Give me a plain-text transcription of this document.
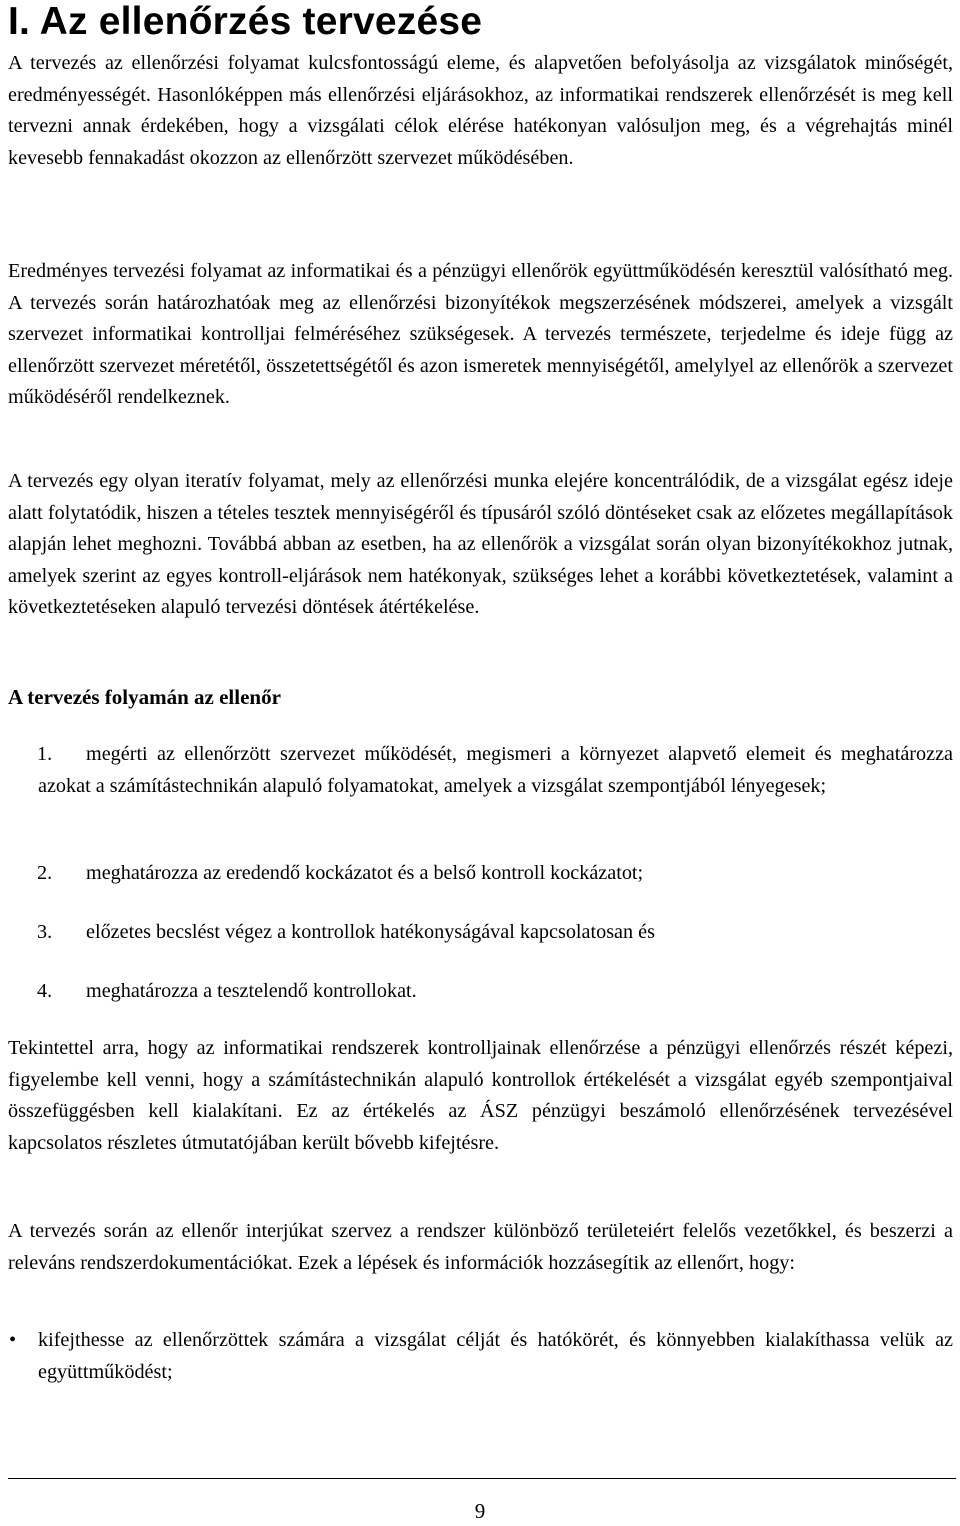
I. Az ellenőrzés tervezése

A tervezés az ellenőrzési folyamat kulcsfontosságú eleme, és alapvetően befolyásolja az vizsgálatok minőségét, eredményességét. Hasonlóképpen más ellenőrzési eljárásokhoz, az informatikai rendszerek ellenőrzését is meg kell tervezni annak érdekében, hogy a vizsgálati célok elérése hatékonyan valósuljon meg, és a végrehajtás minél kevesebb fennakadást okozzon az ellenőrzött szervezet működésében.

Eredményes tervezési folyamat az informatikai és a pénzügyi ellenőrök együttműködésén keresztül valósítható meg. A tervezés során határozhatóak meg az ellenőrzési bizonyítékok megszerzésének módszerei, amelyek a vizsgált szervezet informatikai kontrolljai felméréséhez szükségesek. A tervezés természete, terjedelme és ideje függ az ellenőrzött szervezet méretétől, összetettségétől és azon ismeretek mennyiségétől, amelylyel az ellenőrök a szervezet működéséről rendelkeznek.

A tervezés egy olyan iteratív folyamat, mely az ellenőrzési munka elejére koncentrálódik, de a vizsgálat egész ideje alatt folytatódik, hiszen a tételes tesztek mennyiségéről és típusáról szóló döntéseket csak az előzetes megállapítások alapján lehet meghozni. Továbbá abban az esetben, ha az ellenőrök a vizsgálat során olyan bizonyítékokhoz jutnak, amelyek szerint az egyes kontroll-eljárások nem hatékonyak, szükséges lehet a korábbi következtetések, valamint a következtetéseken alapuló tervezési döntések átértékelése.

A tervezés folyamán az ellenőr
1.	megérti az ellenőrzött szervezet működését, megismeri a környezet alapvető elemeit és meghatározza azokat a számítástechnikán alapuló folyamatokat, amelyek a vizsgálat szempontjából lényegesek;
2.	meghatározza az eredendő kockázatot és a belső kontroll kockázatot;
3.	előzetes becslést végez a kontrollok hatékonyságával kapcsolatosan és
4.	meghatározza a tesztelendő kontrollokat.

Tekintettel arra, hogy az informatikai rendszerek kontrolljainak ellenőrzése a pénzügyi ellenőrzés részét képezi, figyelembe kell venni, hogy a számítástechnikán alapuló kontrollok értékelését a vizsgálat egyéb szempontjaival összefüggésben kell kialakítani. Ez az értékelés az ÁSZ pénzügyi beszámoló ellenőrzésének tervezésével kapcsolatos részletes útmutatójában került bővebb kifejtésre.

A tervezés során az ellenőr interjúkat szervez a rendszer különböző területeiért felelős vezetőkkel, és beszerzi a releváns rendszerdokumentációkat. Ezek a lépések és információk hozzásegítik az ellenőrt, hogy:

• kifejthesse az ellenőrzöttek számára a vizsgálat célját és hatókörét, és könnyebben kialakíthassa velük az együttműködést;
9
